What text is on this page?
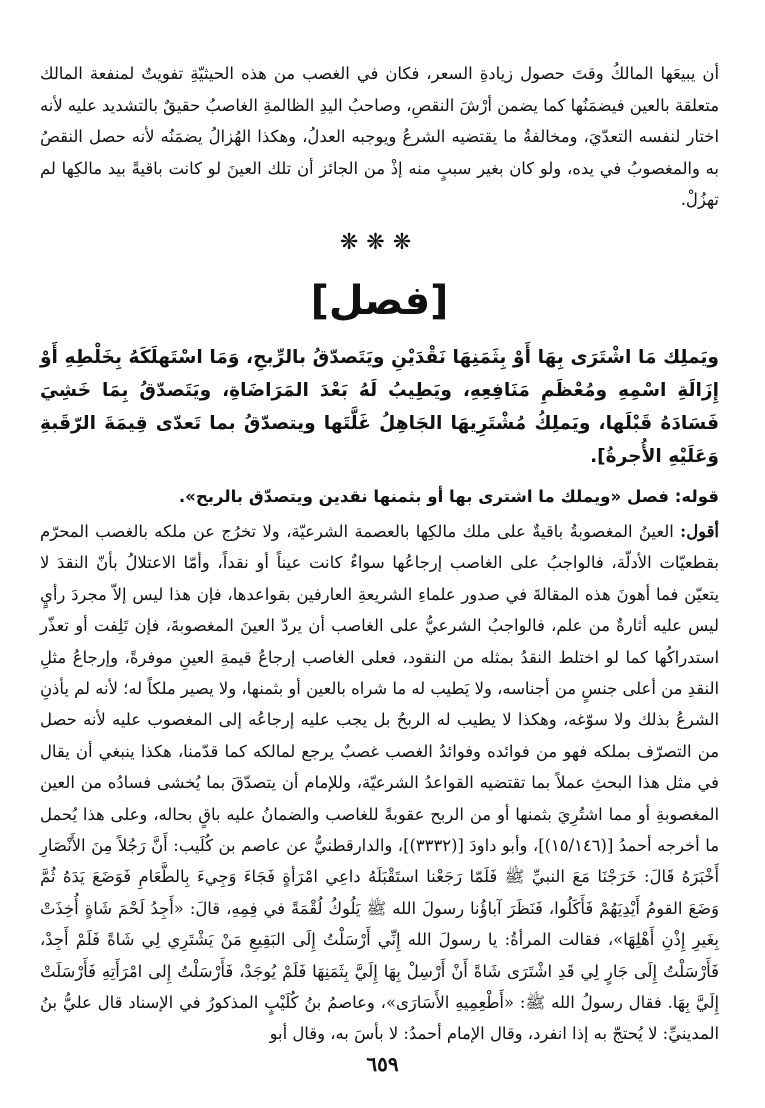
أن يبيعَها المالكُ وقتَ حصول زيادةِ السعر، فكان في الغصب من هذه الحيثيّةِ تفويتٌ لمنفعة المالك متعلقة بالعين فيضمَنُها كما يضمن أرْشَ النقصِ، وصاحبُ اليدِ الظالمةِ الغاصبُ حقيقٌ بالتشديد عليه لأنه اختار لنفسه التعدّيَ، ومخالفةُ ما يقتضيه الشرعُ ويوجبه العدلُ، وهكذا الهُزالُ يضمَنُه لأنه حصل النقصُ به والمغصوبُ في يده، ولو كان بغير سببٍ منه إذْ من الجائز أن تلك العينَ لو كانت باقيةً بيد مالكِها لم تهزُلْ.

❋❋❋
[فصل]

ويَملِك مَا اشْتَرَى بِهَا أَوْ بِثَمَنِهَا نَقْدَيْنِ ويَتَصدّقُ بالرِّبحِ، وَمَا اسْتَهلَكَهُ بِخَلْطِهِ أَوْ إِزَالَةِ اسْمِهِ ومُعْظَمِ مَنَافِعِهِ، ويَطِيبُ لَهُ بَعْدَ المَرَاضَاةِ، ويَتَصدّقُ بِمَا خَشِيَ فَسَادَهُ قَبْلَها، ويَملِكُ مُشْتَرِيهَا الجَاهِلُ غَلَّتَها ويتصدّقُ بما تَعدّى قِيمَةَ الرّقَبةِ وَعَلَيْهِ الأُجرةُ].

قوله: فصل «ويملك ما اشترى بها أو بثمنها نقدين ويتصدّق بالربح».

أقول: العينُ المغصوبةُ باقيةٌ على ملك مالكِها بالعصمة الشرعيّة، ولا تخرُج عن ملكه بالغصب المحرّم بقطعيّات الأدلّة، فالواجبُ على الغاصب إرجاعُها سواءٌ كانت عيناً أو نقداً، وأمّا الاعتلالُ بأنّ النقدَ لا يتعيّن فما أهونَ هذه المقالةَ في صدور علماءِ الشريعةِ العارفين بقواعدها، فإن هذا ليس إلاّ مجردَ رأيٍ ليس عليه أثارةٌ من علم، فالواجبُ الشرعيُّ على الغاصب أن يردّ العينَ المغصوبةَ، فإن تَلِفت أو تعذّر استدراكُها كما لو اختلط النقدُ بمثله من النقود، فعلى الغاصب إرجاعُ قيمةِ العينِ موفرةً، وإرجاعُ مثلِ النقدِ من أعلى جنسٍ من أجناسه، ولا يَطيب له ما شراه بالعين أو بثمنها، ولا يصير ملكاً له؛ لأنه لم يأذنِ الشرعُ بذلك ولا سوّغه، وهكذا لا يطيب له الربحُ بل يجب عليه إرجاعُه إلى المغصوب عليه لأنه حصل من التصرّف بملكه فهو من فوائده وفوائدُ الغصب غصبٌ يرجع لمالكه كما قدّمنا، هكذا ينبغي أن يقال في مثل هذا البحثِ عملاً بما تقتضيه القواعدُ الشرعيّة، وللإمام أن يتصدّقَ بما يُخشى فسادُه من العين المغصوبةِ أو مما اشتُرِيَ بثمنها أو من الربح عقوبةً للغاصب والضمانُ عليه باقٍ بحاله، وعلى هذا يُحمل ما أخرجه أحمدُ [(١٥/١٤٦)]، وأبو داودَ [(٣٣٣٢)]، والدارقطنيُّ عن عاصم بن كُلَيب: أَنَّ رَجُلاً مِنَ الأَنْصَارِ أَخْبَرَهُ قَالَ: خَرَجْنَا مَعَ النبيِّ ﷺ فَلَمّا رَجَعْنا استَقْبَلَهُ داعِي امْرَأةٍ فَجَاءَ وَجِيءَ بِالطَّعَامِ فَوَضَعَ يَدَهُ ثُمَّ وَضَعَ القومُ أَيْدِيَهُمْ فَأَكَلُوا، فَنَظَرَ آباؤُنا رسولَ الله ﷺ يَلُوكُ لُقْمَةً في فِمِهِ، قالَ: «أَجِدُ لَحْمَ شَاةٍ أُخِذَتْ بِغَيرِ إِذْنِ أَهْلِهَا»، فقالت المرأةُ: يا رسولَ الله إِنِّي أَرْسَلْتُ إِلَى البَقِيعِ مَنْ يَشْتَرِي لِي شَاةً فَلَمْ أَجِدْ، فَأَرْسَلْتُ إِلَى جَارٍ لِي قَدِ اشْتَرَى شَاةً أَنْ أَرْسِلْ بِهَا إِلَيَّ بِثَمَنِهَا فَلَمْ يُوجَدْ، فَأَرْسَلْتُ إِلى امْرَأَتِهِ فَأَرْسَلَتْ إِلَيَّ بِهَا. فقال رسولُ الله ﷺ: «أَطْعِمِيهِ الأَسَارَى»، وعاصمُ بنُ كُلَيْبٍ المذكورُ في الإسناد قال عليُّ بنُ المدينيِّ: لا يُحتجّ به إذا انفرد، وقال الإمام أحمدُ: لا بأسَ به، وقال أبو

٦٥٩
